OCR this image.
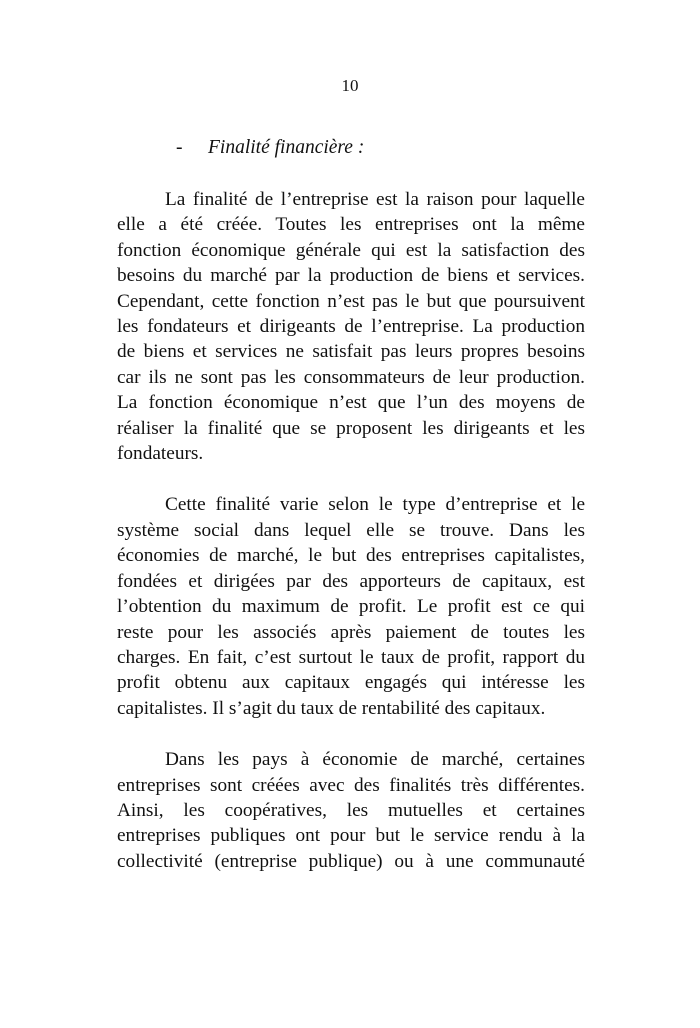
10
- Finalité financière :

La finalité de l’entreprise est la raison pour laquelle
elle a été créée. Toutes les entreprises ont la même
fonction économique générale qui est la satisfaction des
besoins du marché par la production de biens et services.
Cependant, cette fonction n’est pas le but que poursuivent
les fondateurs et dirigeants de l’entreprise. La production
de biens et services ne satisfait pas leurs propres besoins
car ils ne sont pas les consommateurs de leur production.
La fonction économique n’est que l’un des moyens de
réaliser la finalité que se proposent les dirigeants et les
fondateurs.

Cette finalité varie selon le type d’entreprise et le
système social dans lequel elle se trouve. Dans les
économies de marché, le but des entreprises capitalistes,
fondées et dirigées par des apporteurs de capitaux, est
l’obtention du maximum de profit. Le profit est ce qui
reste pour les associés après paiement de toutes les
charges. En fait, c’est surtout le taux de profit, rapport du
profit obtenu aux capitaux engagés qui intéresse les
capitalistes. Il s’agit du taux de rentabilité des capitaux.

Dans les pays à économie de marché, certaines
entreprises sont créées avec des finalités très différentes.
Ainsi, les coopératives, les mutuelles et certaines
entreprises publiques ont pour but le service rendu à la
collectivité (entreprise publique) ou à une communauté
